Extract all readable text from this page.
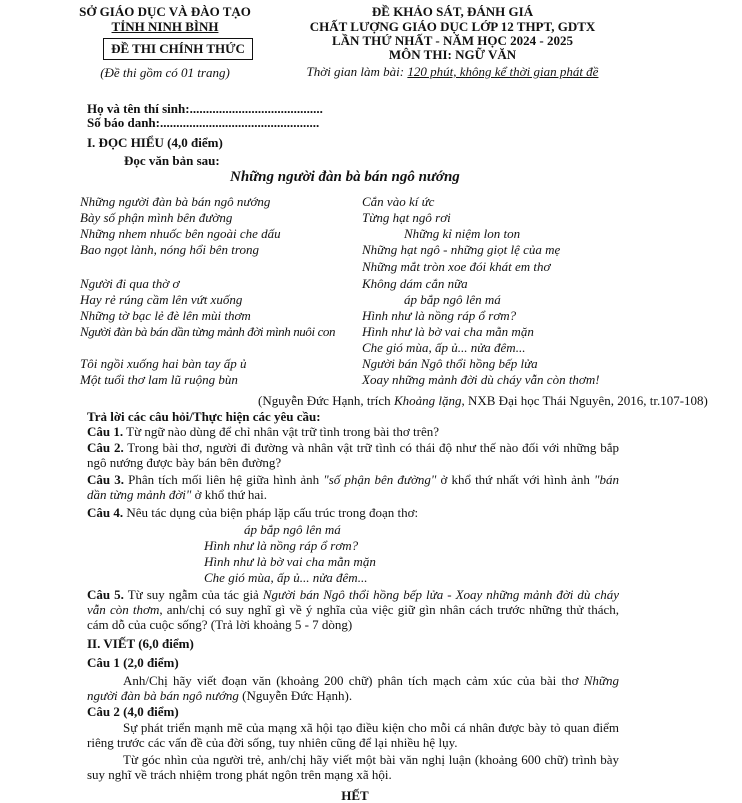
SỞ GIÁO DỤC VÀ ĐÀO TẠO
TỈNH NINH BÌNH
ĐỀ THI CHÍNH THỨC
(Đề thi gồm có 01 trang)
ĐỀ KHẢO SÁT, ĐÁNH GIÁ
CHẤT LƯỢNG GIÁO DỤC LỚP 12 THPT, GDTX
LẦN THỨ NHẤT - NĂM HỌC 2024 - 2025
MÔN THI: NGỮ VĂN
Thời gian làm bài: 120 phút, không kể thời gian phát đề
Họ và tên thí sinh:.........................................
Số báo danh:.................................................
I. ĐỌC HIỂU (4,0 điểm)
Đọc văn bản sau:
Những người đàn bà bán ngô nướng
Những người đàn bà bán ngô nướng
Bày số phận mình bên đường
Những nhem nhuốc bên ngoài che dấu
Bao ngọt lành, nóng hổi bên trong
Người đi qua thờ ơ
Hay rẻ rúng cầm lên vứt xuống
Những tờ bạc lẻ đè lên mùi thơm
Người đàn bà bán dần từng mảnh đời mình nuôi con
Tôi ngồi xuống hai bàn tay ấp ủ
Một tuổi thơ lam lũ ruộng bùn
Cắn vào kí ức
Từng hạt ngô rơi
Những kỉ niệm lon ton
Những hạt ngô - những giọt lệ của mẹ
Những mắt tròn xoe đói khát em thơ
Không dám cắn nữa
áp bắp ngô lên má
Hình như là nồng ráp ổ rơm?
Hình như là bờ vai cha mằn mặn
Che gió mùa, ấp ủ... nửa đêm...
Người bán Ngô thổi hồng bếp lửa
Xoay những mảnh đời dù cháy vẫn còn thơm!
(Nguyễn Đức Hạnh, trích Khoảng lặng, NXB Đại học Thái Nguyên, 2016, tr.107-108)
Trả lời các câu hỏi/Thực hiện các yêu cầu:
Câu 1. Từ ngữ nào dùng để chỉ nhân vật trữ tình trong bài thơ trên?
Câu 2. Trong bài thơ, người đi đường và nhân vật trữ tình có thái độ như thế nào đối với những bắp ngô nướng được bày bán bên đường?
Câu 3. Phân tích mối liên hệ giữa hình ảnh "số phận bên đường" ở khổ thứ nhất với hình ảnh "bán dần từng mảnh đời" ở khổ thứ hai.
Câu 4. Nêu tác dụng của biện pháp lặp cấu trúc trong đoạn thơ:
áp bắp ngô lên má
Hình như là nồng ráp ổ rơm?
Hình như là bờ vai cha mằn mặn
Che gió mùa, ấp ủ... nửa đêm...
Câu 5. Từ suy ngẫm của tác giả Người bán Ngô thổi hồng bếp lửa - Xoay những mảnh đời dù cháy vẫn còn thơm, anh/chị có suy nghĩ gì về ý nghĩa của việc giữ gìn nhân cách trước những thử thách, cám dỗ của cuộc sống? (Trả lời khoảng 5 - 7 dòng)
II. VIẾT (6,0 điểm)
Câu 1 (2,0 điểm)
Anh/Chị hãy viết đoạn văn (khoảng 200 chữ) phân tích mạch cảm xúc của bài thơ Những người đàn bà bán ngô nướng (Nguyễn Đức Hạnh).
Câu 2 (4,0 điểm)
Sự phát triển mạnh mẽ của mạng xã hội tạo điều kiện cho mỗi cá nhân được bày tỏ quan điểm riêng trước các vấn đề của đời sống, tuy nhiên cũng để lại nhiều hệ lụy.
Từ góc nhìn của người trẻ, anh/chị hãy viết một bài văn nghị luận (khoảng 600 chữ) trình bày suy nghĩ về trách nhiệm trong phát ngôn trên mạng xã hội.
HẾT
